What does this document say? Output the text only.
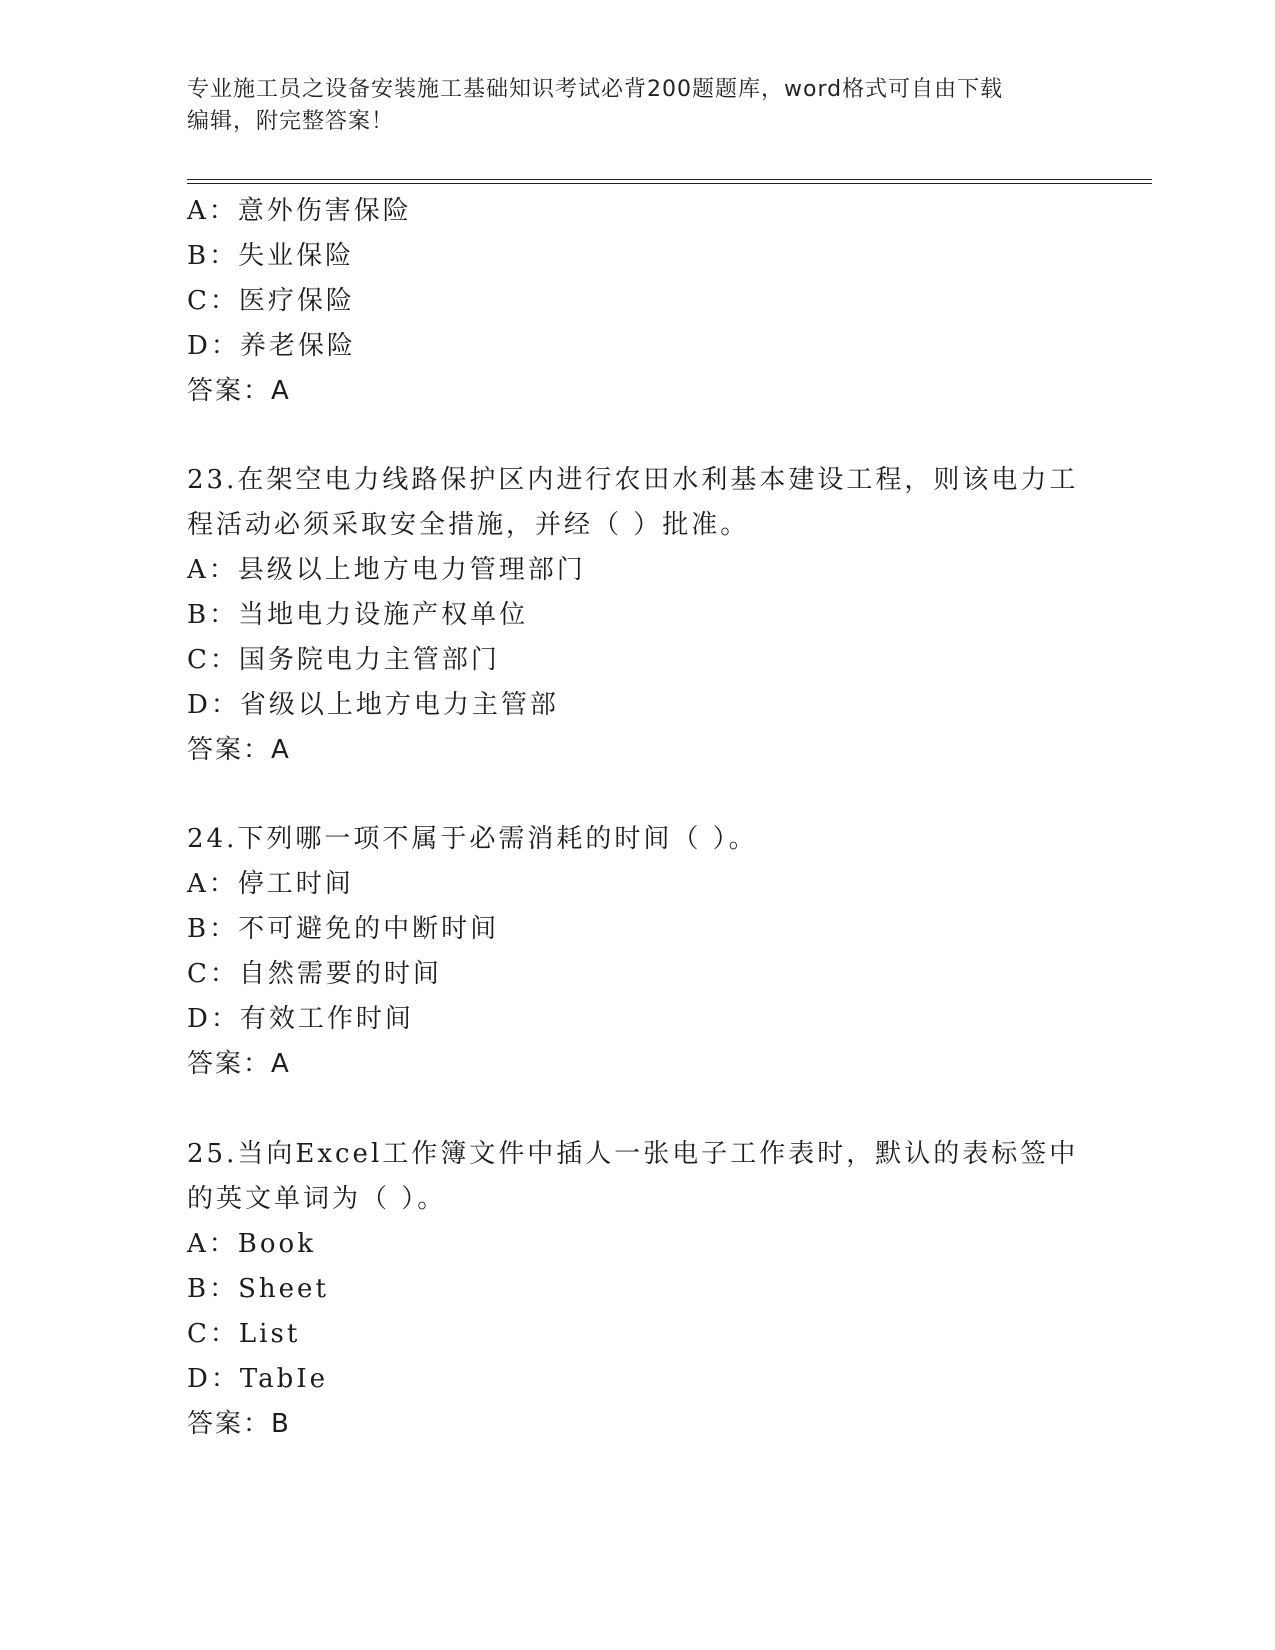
专业施工员之设备安装施工基础知识考试必背200题题库，word格式可自由下载
编辑，附完整答案！
A：意外伤害保险
B：失业保险
C：医疗保险
D：养老保险
答案：A
23.在架空电力线路保护区内进行农田水利基本建设工程，则该电力工
程活动必须采取安全措施，并经（ ）批准。
A：县级以上地方电力管理部门
B：当地电力设施产权单位
C：国务院电力主管部门
D：省级以上地方电力主管部
答案：A
24.下列哪一项不属于必需消耗的时间（ ）。
A：停工时间
B：不可避免的中断时间
C：自然需要的时间
D：有效工作时间
答案：A
25.当向Excel工作簿文件中插人一张电子工作表时，默认的表标签中
的英文单词为（ ）。
A：Book
B：Sheet
C：List
D：TabIe
答案：B
